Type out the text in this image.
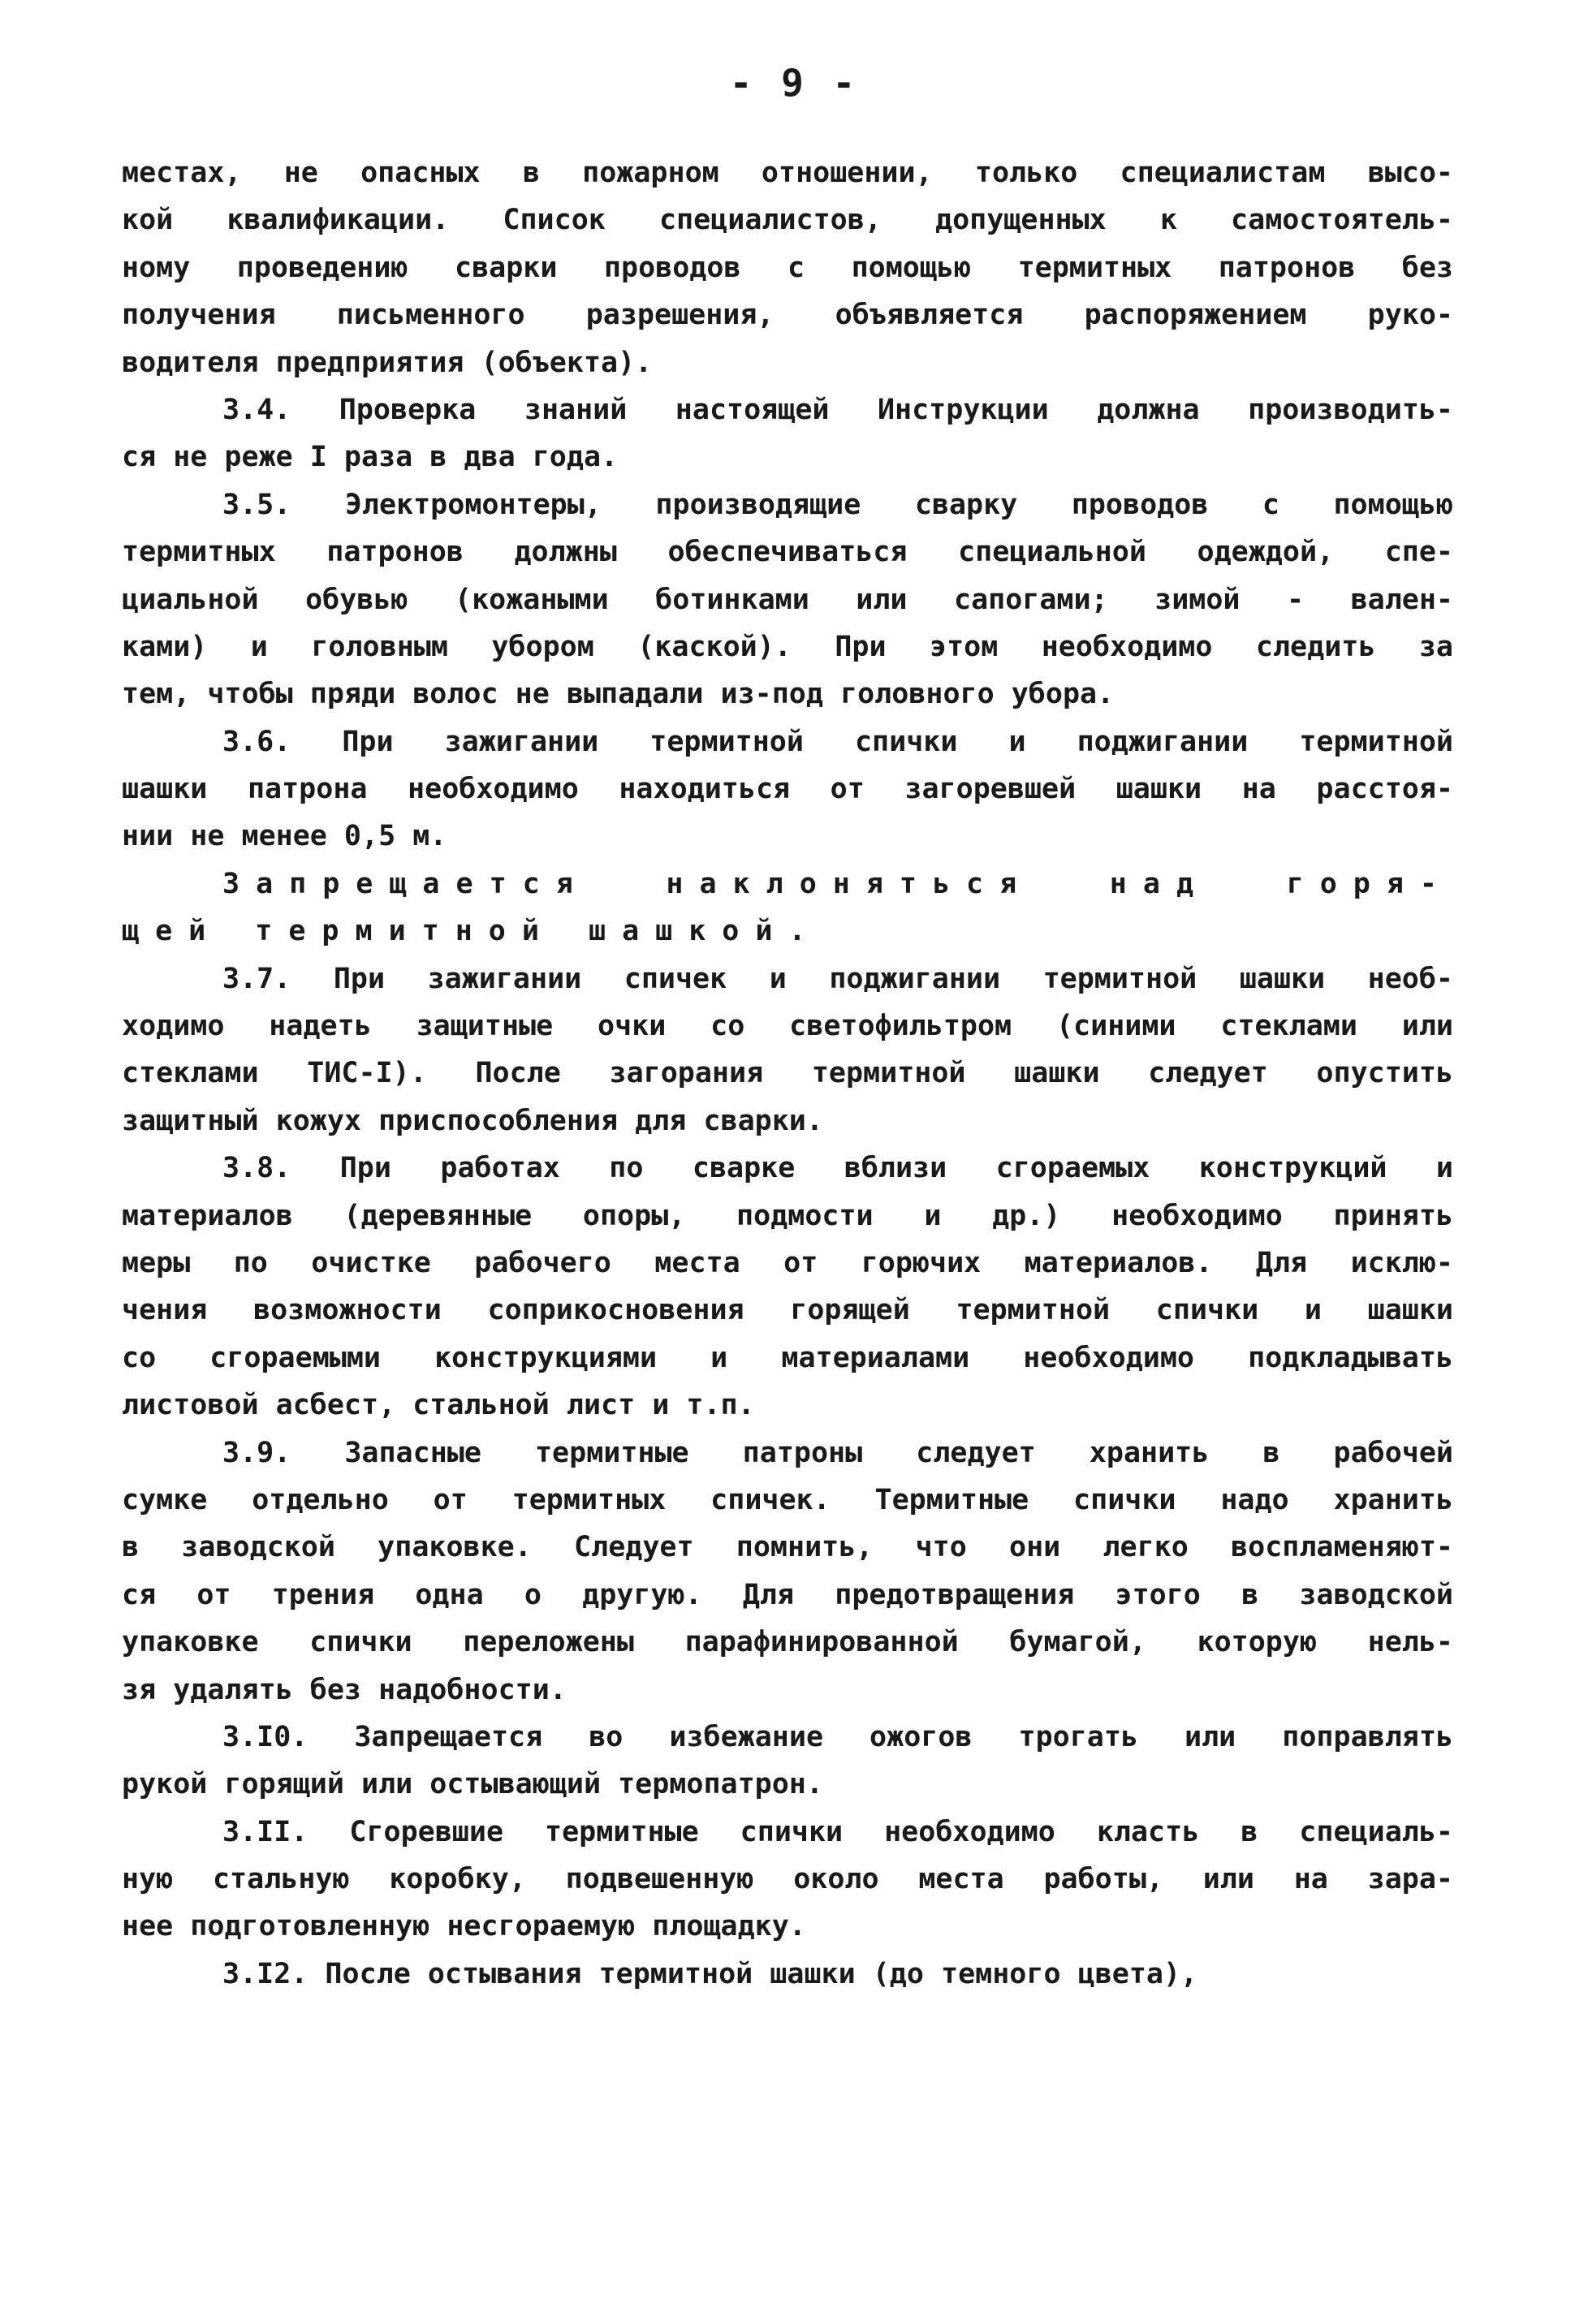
- 9 -
местах, не опасных в пожарном отношении, только специалистам высо-
кой квалификации. Список специалистов, допущенных к самостоятель-
ному проведению сварки проводов с помощью термитных патронов без
получения письменного разрешения, объявляется распоряжением руко-
водителя предприятия (объекта).
3.4. Проверка знаний настоящей Инструкции должна производить-
ся не реже I раза в два года.
3.5. Электромонтеры, производящие сварку проводов с помощью
термитных патронов должны обеспечиваться специальной одеждой, спе-
циальной обувью (кожаными ботинками или сапогами; зимой - вален-
ками) и головным убором (каской). При этом необходимо следить за
тем, чтобы пряди волос не выпадали из-под головного убора.
3.6. При зажигании термитной спички и поджигании термитной
шашки патрона необходимо находиться от загоревшей шашки на расстоя-
нии не менее 0,5 м.
Запрещается наклоняться над горя-
щей термитной шашкой.
3.7. При зажигании спичек и поджигании термитной шашки необ-
ходимо надеть защитные очки со светофильтром (синими стеклами или
стеклами ТИС-I). После загорания термитной шашки следует опустить
защитный кожух приспособления для сварки.
3.8. При работах по сварке вблизи сгораемых конструкций и
материалов (деревянные опоры, подмости и др.) необходимо принять
меры по очистке рабочего места от горючих материалов. Для исклю-
чения возможности соприкосновения горящей термитной спички и шашки
со сгораемыми конструкциями и материалами необходимо подкладывать
листовой асбест, стальной лист и т.п.
3.9. Запасные термитные патроны следует хранить в рабочей
сумке отдельно от термитных спичек. Термитные спички надо хранить
в заводской упаковке. Следует помнить, что они легко воспламеняют-
ся от трения одна о другую. Для предотвращения этого в заводской
упаковке спички переложены парафинированной бумагой, которую нель-
зя удалять без надобности.
3.I0. Запрещается во избежание ожогов трогать или поправлять
рукой горящий или остывающий термопатрон.
3.II. Сгоревшие термитные спички необходимо класть в специаль-
ную стальную коробку, подвешенную около места работы, или на зара-
нее подготовленную несгораемую площадку.
3.I2. После остывания термитной шашки (до темного цвета),
